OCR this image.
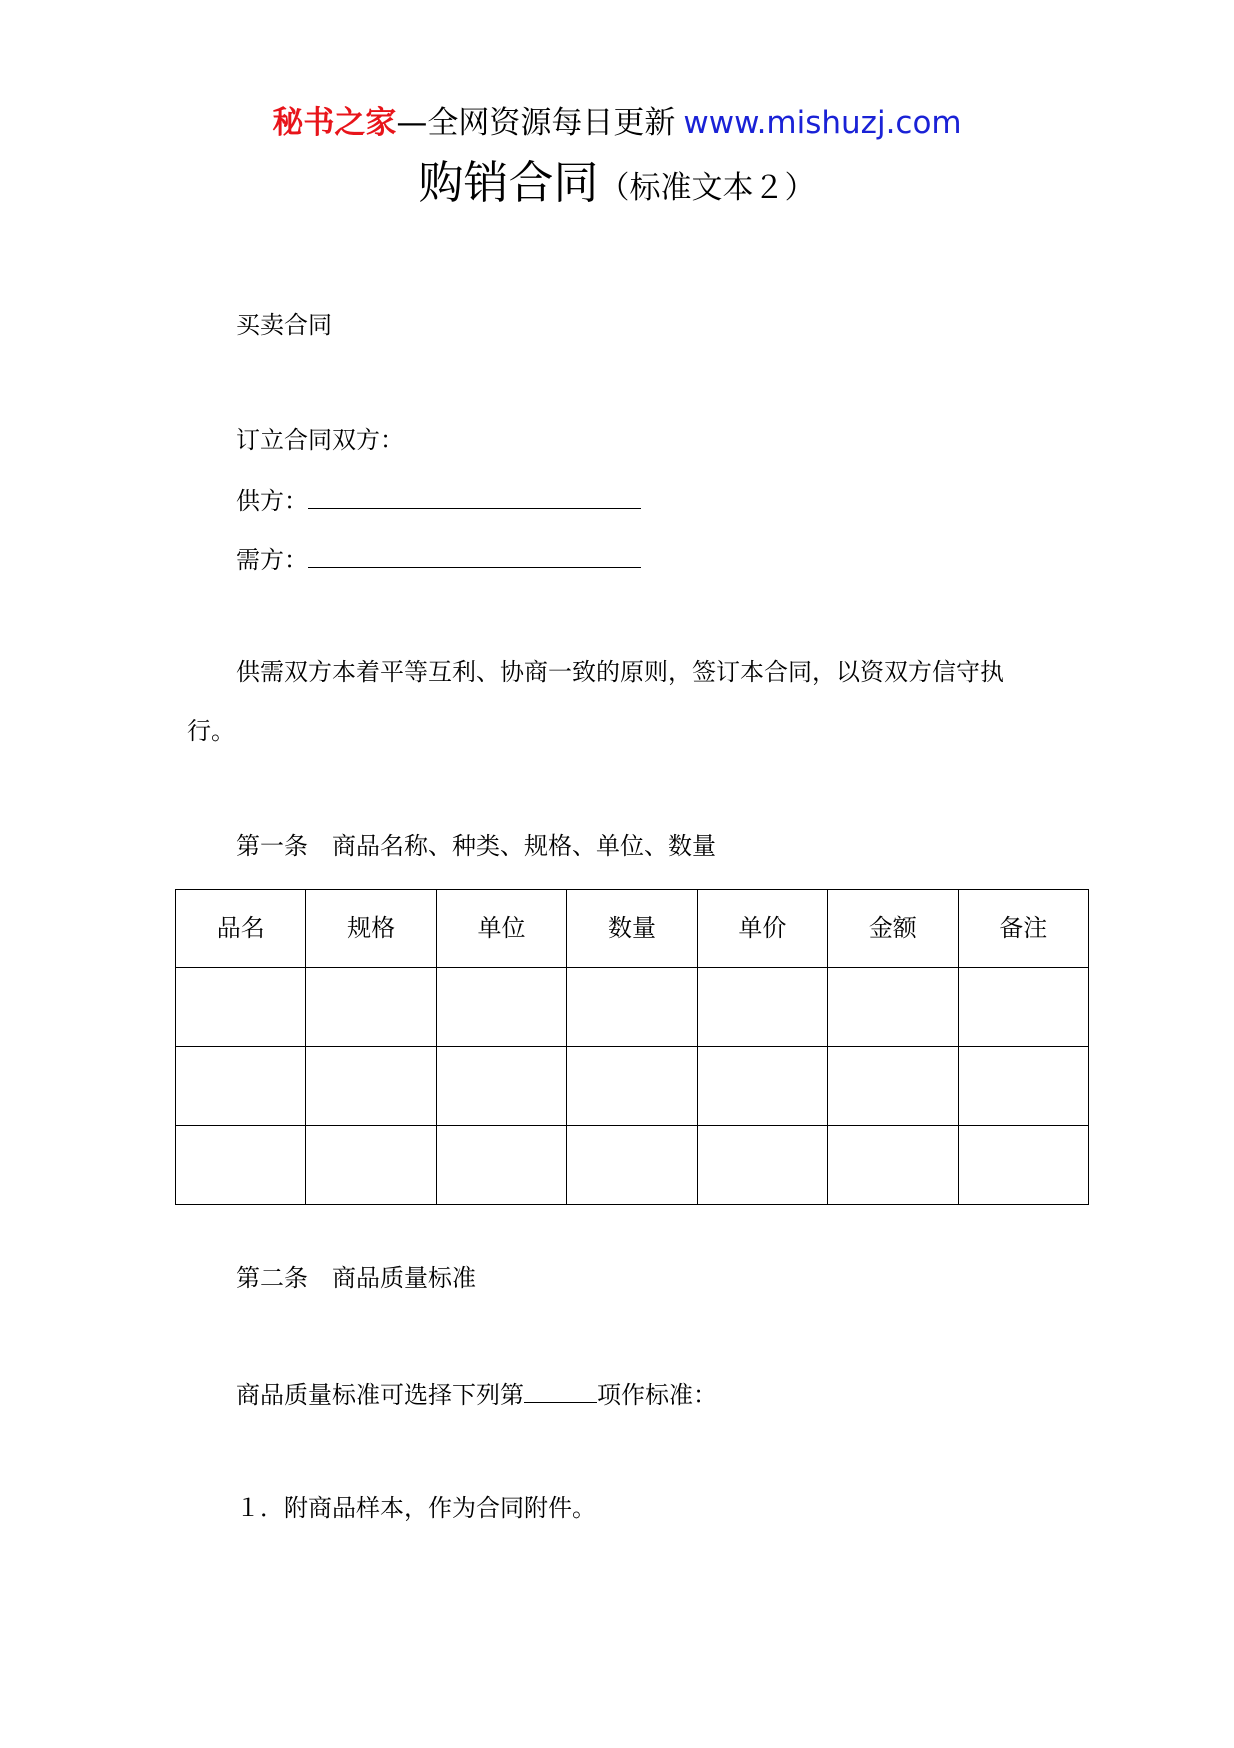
秘书之家—全网资源每日更新 www.mishuzj.com
购销合同（标准文本２）
买卖合同
订立合同双方：
供方：
需方：
供需双方本着平等互利、协商一致的原则，签订本合同，以资双方信守执
行。
第一条 商品名称、种类、规格、单位、数量
品名	规格	单位	数量	单价	金额	备注

第二条 商品质量标准
商品质量标准可选择下列第	项作标准：
１．附商品样本，作为合同附件。
